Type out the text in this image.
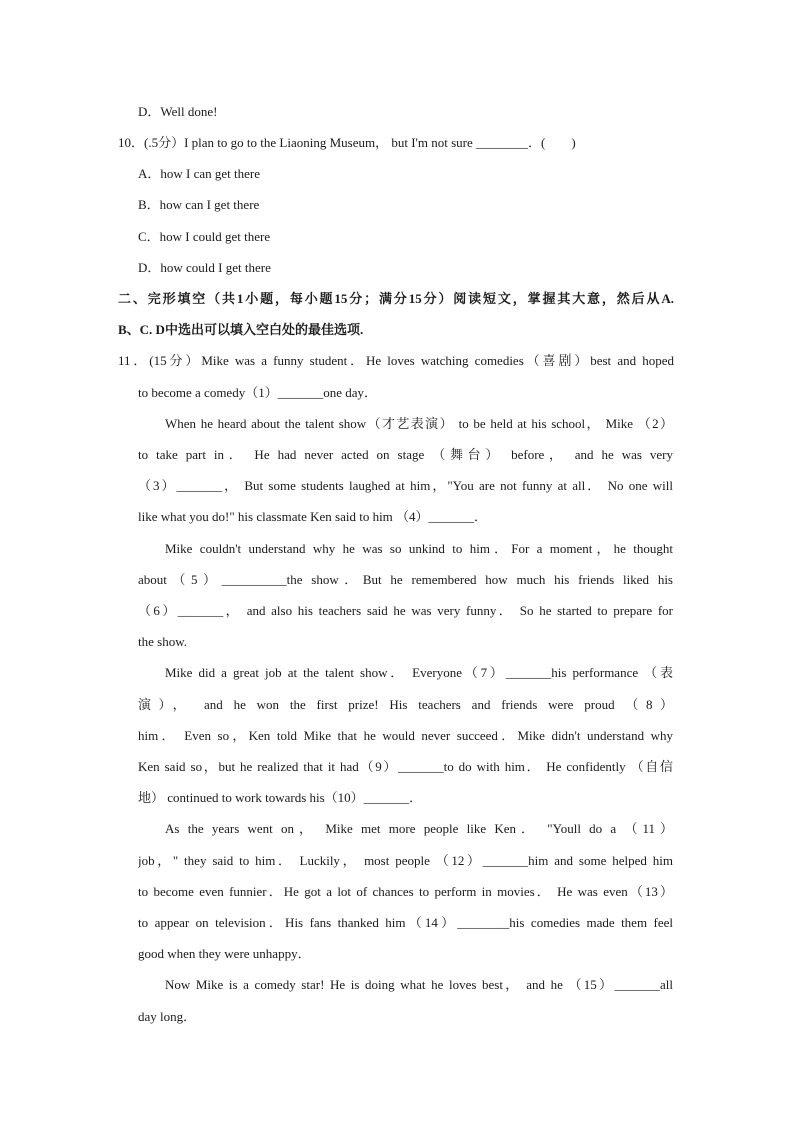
D．Well done!
10．(.5分）I plan to go to the Liaoning Museum， but I'm not sure ________．(　　)
A．how I can get there
B．how can I get there
C．how I could get there
D．how could I get there
二、完形填空（共1小题，每小题15分；满分15分）阅读短文，掌握其大意，然后从A.
B、C. D中选出可以填入空白处的最佳选项.
11．(15分）Mike was a funny student．He loves watching comedies（喜剧）best and hoped
to become a comedy（1）_______one day．
When he heard about the talent show（才艺表演） to be held at his school， Mike （2）
to take part in． He had never acted on stage （舞台） before， and he was very
（3）_______， But some students laughed at him，"You are not funny at all． No one will
like what you do!" his classmate Ken said to him （4）_______．
Mike couldn't understand why he was so unkind to him．For a moment，he thought
about（5）__________the show．But he remembered how much his friends liked his
（6）_______， and also his teachers said he was very funny． So he started to prepare for
the show.
Mike did a great job at the talent show． Everyone（7）_______his performance （表
演）， and he won the first prize! His teachers and friends were proud （8）
him． Even so，Ken told Mike that he would never succeed．Mike didn't understand why
Ken said so，but he realized that it had（9）_______to do with him． He confidently （自信
地） continued to work towards his（10）_______．
As the years went on， Mike met more people like Ken． "Youll do a （11）
job，" they said to him． Luckily， most people （12）_______him and some helped him
to become even funnier．He got a lot of chances to perform in movies． He was even（13）
to appear on television．His fans thanked him（14）________his comedies made them feel
good when they were unhappy．
Now Mike is a comedy star! He is doing what he loves best， and he （15）_______all
day long．
